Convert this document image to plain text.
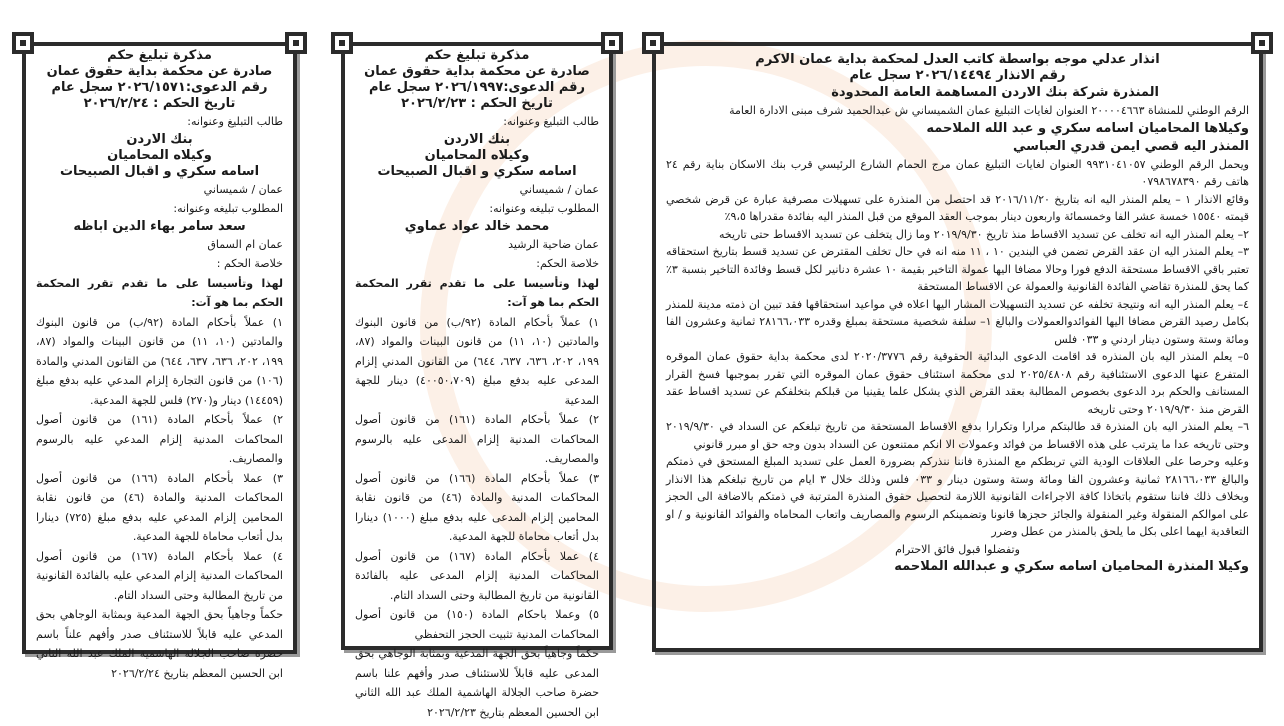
انذار عدلي موجه بواسطة كاتب العدل لمحكمة بداية عمان الاكرم
رقم الانذار ٢٠٢٦/١٤٤٩٤ سجل عام
المنذرة شركة بنك الاردن المساهمة العامة المحدودة
الرقم الوطني للمنشاة ٢٠٠٠٠٤٦٦٣ العنوان لغايات التبليغ عمان الشميساني ش عبدالحميد شرف مبنى الادارة العامة
وكيلاها المحاميان اسامه سكري و عبد الله الملاحمه
المنذر اليه قصي ايمن قدري العباسي
ويحمل الرقم الوطني ٩٩٣١٠٤١٠٥٧ العنوان لغايات التبليغ عمان مرج الحمام الشارع الرئيسي قرب بنك الاسكان بناية رقم ٢٤ هاتف رقم ٠٧٩٨٦٧٨٣٩٠
وقائع الانذار ١ – يعلم المنذر اليه انه بتاريخ ٢٠١٦/١١/٢٠ قد احتصل من المنذرة على تسهيلات مصرفية عبارة عن قرض شخصي قيمته ١٥٥٤٠ خمسة عشر الفا وخمسمائة واربعون دينار بموجب العقد الموقع من قبل المنذر اليه بفائدة مقدراها ٩،٥٪
٢– يعلم المنذر اليه انه تخلف عن تسديد الاقساط منذ تاريخ ٢٠١٩/٩/٣٠ وما زال يتخلف عن تسديد الاقساط حتى تاريخه
٣– يعلم المنذر اليه ان عقد القرض تضمن في البندين ١٠ ، ١١ منه انه في حال تخلف المقترض عن تسديد قسط بتاريخ استحقاقه تعتبر باقي الاقساط مستحقة الدفع فورا وحالا مضافا اليها عمولة التاخير بقيمة ١٠ عشرة دنانير لكل قسط وفائدة التاخير بنسبة ٣٪ كما يحق للمنذرة تقاضي الفائدة القانونية والعمولة عن الاقساط المستحقة
٤– يعلم المنذر اليه انه ونتيجة تخلفه عن تسديد التسهيلات المشار اليها اعلاه في مواعيد استحقاقها فقد تبين ان ذمته مدينة للمنذر بكامل رصيد القرض مضافا اليها الفوائدوالعمولات والبالغ ١– سلفة شخصية مستحقة بمبلغ وقدره ٢٨١٦٦،٠٣٣ ثمانية وعشرون الفا ومائة وستة وستون دينار اردني و ٠٣٣ فلس
٥– يعلم المنذر اليه بان المنذره قد اقامت الدعوى البدائية الحقوقية رقم ٢٠٢٠/٣٧٧٦ لدى محكمة بداية حقوق عمان الموقره المتفرع عنها الدعوى الاستئنافية رقم ٢٠٢٥/٤٨٠٨ لدى محكمة استئناف حقوق عمان الموقره التي تقرر بموجبها فسخ القرار المستانف والحكم برد الدعوى بخصوص المطالبة بعقد القرض الذي يشكل علما يقينيا من قبلكم بتخلفكم عن تسديد اقساط عقد القرض منذ ٢٠١٩/٩/٣٠ وحتى تاريخه
٦– يعلم المنذر اليه بان المنذرة قد طالبتكم مرارا وتكرارا بدفع الاقساط المستحقة من تاريخ تبلغكم عن السداد في ٢٠١٩/٩/٣٠ وحتى تاريخه عدا ما يترتب على هذه الاقساط من فوائد وعمولات الا انكم ممتنعون عن السداد بدون وجه حق او مبرر قانوني
وعليه وحرصا على العلاقات الودية التي تربطكم مع المنذرة فاننا ننذركم بضرورة العمل على تسديد المبلغ المستحق في ذمتكم والبالغ ٢٨١٦٦،٠٣٣ ثمانية وعشرون الفا ومائة وستة وستون دينار و ٠٣٣ فلس وذلك خلال ٣ ايام من تاريخ تبلغكم هذا الانذار وبخلاف ذلك فاننا ستقوم باتخاذا كافة الاجراءات القانونية اللازمة لتحصيل حقوق المنذرة المترتبة في ذمتكم بالاضافة الى الحجز على اموالكم المنقولة وغير المنقولة والجائز حجزها قانونا وتضمينكم الرسوم والمصاريف واتعاب المحاماه والفوائد القانونية و / او التعاقدية ايهما اعلى بكل ما يلحق بالمنذر من عطل وضرر
وتفضلوا قبول فائق الاحترام
وكيلا المنذرة المحاميان اسامه سكري و عبدالله الملاحمه
مذكرة تبليغ حكم
صادرة عن محكمة بداية حقوق عمان
رقم الدعوى:٢٠٢٦/١٩٩٧ سجل عام
تاريخ الحكم : ٢٠٢٦/٢/٢٣
طالب التبليغ وعنوانه:
بنك الاردن
وكيلاه المحاميان
اسامه سكري و اقبال الصبيحات
عمان / شميساني
المطلوب تبليغه وعنوانه:
محمد خالد عواد عماوي
عمان ضاحية الرشيد
خلاصة الحكم:
لهذا وتأسيسا على ما تقدم تقرر المحكمة الحكم بما هو آت:
١) عملاً بأحكام المادة (٩٢/ب) من قانون البنوك والمادتين (١٠، ١١) من قانون البينات والمواد (٨٧، ١٩٩، ٢٠٢، ٦٣٦، ٦٣٧، ٦٤٤) من القانون المدني إلزام المدعى عليه بدفع مبلغ (٤٠٠٥٠،٧٠٩) دينار للجهة المدعية
٢) عملاً بأحكام المادة (١٦١) من قانون أصول المحاكمات المدنية إلزام المدعى عليه بالرسوم والمصاريف.
٣) عملاً بأحكام المادة (١٦٦) من قانون أصول المحاكمات المدنية والمادة (٤٦) من قانون نقابة المحامين إلزام المدعى عليه بدفع مبلغ (١٠٠٠) دينارا بدل أتعاب محاماة للجهة المدعية.
٤) عملا بأحكام المادة (١٦٧) من قانون أصول المحاكمات المدنية إلزام المدعى عليه بالفائدة القانونية من تاريخ المطالبة وحتى السداد التام.
٥) وعملا باحكام المادة (١٥٠) من قانون أصول المحاكمات المدنية تثبيت الحجز التحفظي
حكماً وجاهياً بحق الجهة المدعية وبمثابة الوجاهي بحق المدعى عليه قابلاً للاستئناف صدر وأفهم علنا باسم حضرة صاحب الجلالة الهاشمية الملك عبد الله الثاني ابن الحسين المعظم بتاريخ ٢٠٢٦/٢/٢٣
مذكرة تبليغ حكم
صادرة عن محكمة بداية حقوق عمان
رقم الدعوى:٢٠٢٦/١٥٧١ سجل عام
تاريخ الحكم : ٢٠٢٦/٢/٢٤
طالب التبليغ وعنوانه:
بنك الاردن
وكيلاه المحاميان
اسامه سكري و اقبال الصبيحات
عمان / شميساني
المطلوب تبليغه وعنوانه:
سعد سامر بهاء الدين اباظه
عمان ام السماق
خلاصة الحكم :
لهذا وتأسيسا على ما تقدم تقرر المحكمة الحكم بما هو آت:
١) عملاً بأحكام المادة (٩٢/ب) من قانون البنوك والمادتين (١٠، ١١) من قانون البينات والمواد (٨٧، ١٩٩، ٢٠٢، ٦٣٦، ٦٣٧، ٦٤٤) من القانون المدني والمادة (١٠٦) من قانون التجارة إلزام المدعي عليه بدفع مبلغ (١٤٤٥٩) دينار و(٢٧٠) فلس للجهة المدعية.
٢) عملاً بأحكام المادة (١٦١) من قانون أصول المحاكمات المدنية إلزام المدعي عليه بالرسوم والمصاريف.
٣) عملا بأحكام المادة (١٦٦) من قانون أصول المحاكمات المدنية والمادة (٤٦) من قانون نقابة المحامين إلزام المدعي عليه بدفع مبلغ (٧٢٥) دينارا بدل أتعاب محاماة للجهة المدعية.
٤) عملا بأحكام المادة (١٦٧) من قانون أصول المحاكمات المدنية إلزام المدعي عليه بالفائدة القانونية من تاريخ المطالبة وحتى السداد التام.
حكماً وجاهياً بحق الجهة المدعية وبمثابة الوجاهي بحق المدعي عليه قابلاً للاستئناف صدر وأفهم علناً باسم حضرة صاحب الجلالة الهاشمية الملك عبد الله الثاني ابن الحسين المعظم بتاريخ ٢٠٢٦/٢/٢٤
